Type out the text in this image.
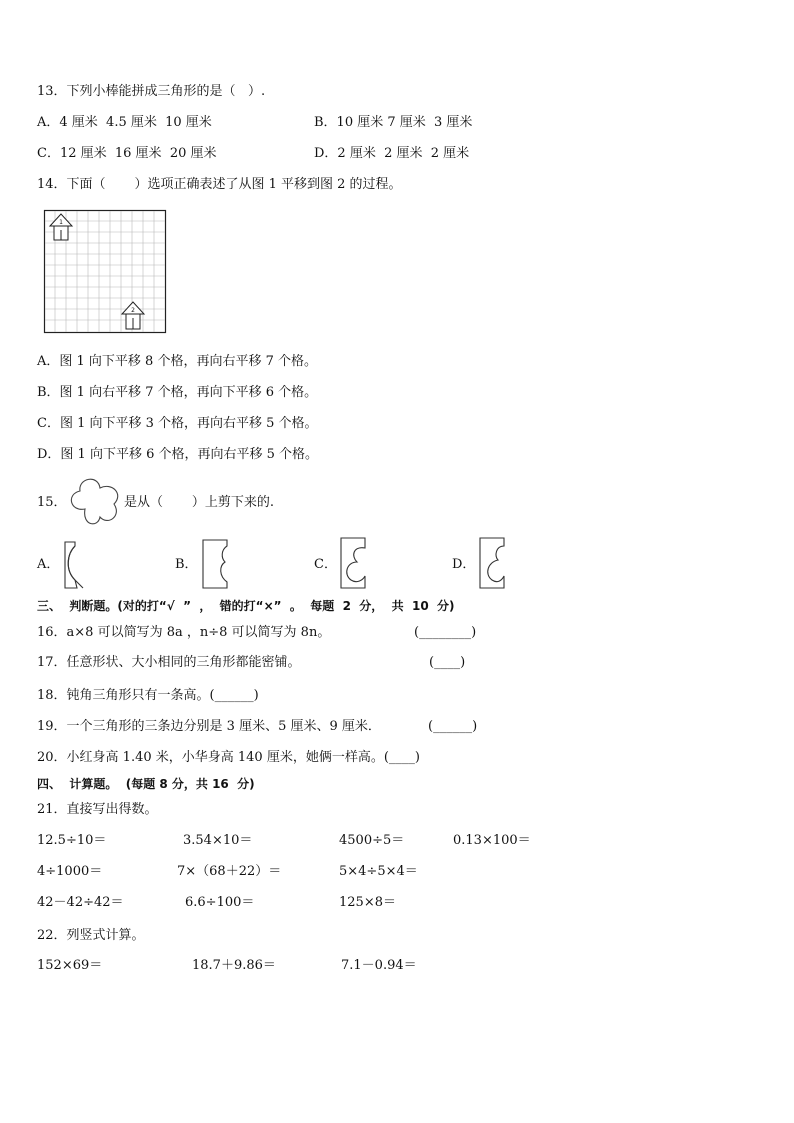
13．下列小棒能拼成三角形的是（   ）.
A．4 厘米  4.5 厘米  10 厘米	B．10 厘米 7 厘米  3 厘米
C．12 厘米  16 厘米  20 厘米	D．2 厘米  2 厘米  2 厘米
14．下面（       ）选项正确表述了从图 1 平移到图 2 的过程。
1
2
A．图 1 向下平移 8 个格，再向右平移 7 个格。
B．图 1 向右平移 7 个格，再向下平移 6 个格。
C．图 1 向下平移 3 个格，再向右平移 5 个格。
D．图 1 向下平移 6 个格，再向右平移 5 个格。
15．	是从（       ）上剪下来的.
A．	B．	C．	D．
三、  判断题。(对的打“√  ”  ，  错的打“×”  。  每题  2  分，  共  10  分)
16．a×8 可以简写为 8a ，n÷8 可以简写为 8n。	(________)
17．任意形状、大小相同的三角形都能密铺。	(____)
18．钝角三角形只有一条高。(______)
19．一个三角形的三条边分别是 3 厘米、5 厘米、9 厘米．	(______)
20．小红身高 1.40 米，小华身高 140 厘米，她俩一样高。(____)
四、  计算题。  (每题 8 分，共 16  分)
21．直接写出得数。
12.5÷10＝	3.54×10＝	4500÷5＝	0.13×100＝
4÷1000＝	7×（68＋22）＝	5×4÷5×4＝
42－42÷42＝	6.6÷100＝	125×8＝
22．列竖式计算。
152×69＝	18.7＋9.86＝	7.1－0.94＝
